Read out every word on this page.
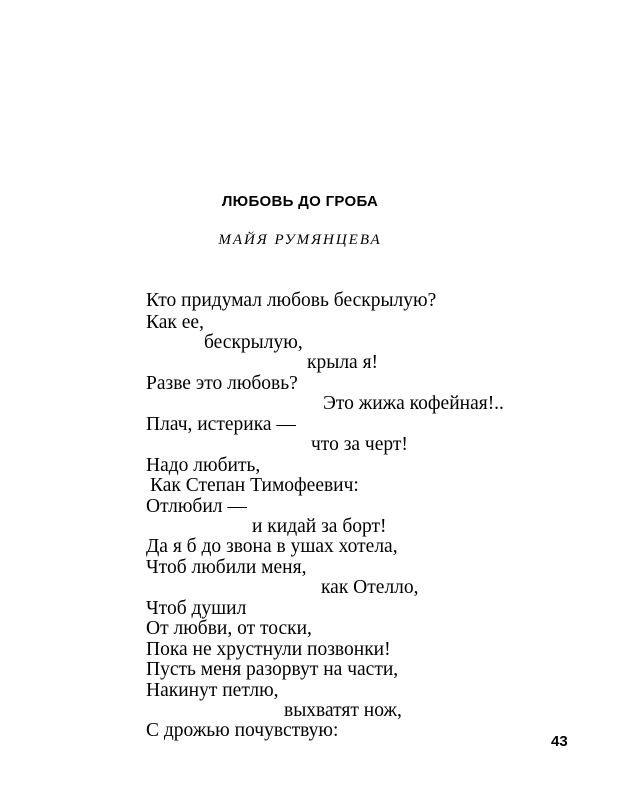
ЛЮБОВЬ ДО ГРОБА
МАЙЯ РУМЯНЦЕВА
Кто придумал любовь бескрылую?
Как ее,
бескрылую,
крыла я!
Разве это любовь?
Это жижа кофейная!..
Плач, истерика —
что за черт!
Надо любить,
Как Степан Тимофеевич:
Отлюбил —
и кидай за борт!
Да я б до звона в ушах хотела,
Чтоб любили меня,
как Отелло,
Чтоб душил
От любви, от тоски,
Пока не хрустнули позвонки!
Пусть меня разорвут на части,
Накинут петлю,
выхватят нож,
С дрожью почувствую:
43
